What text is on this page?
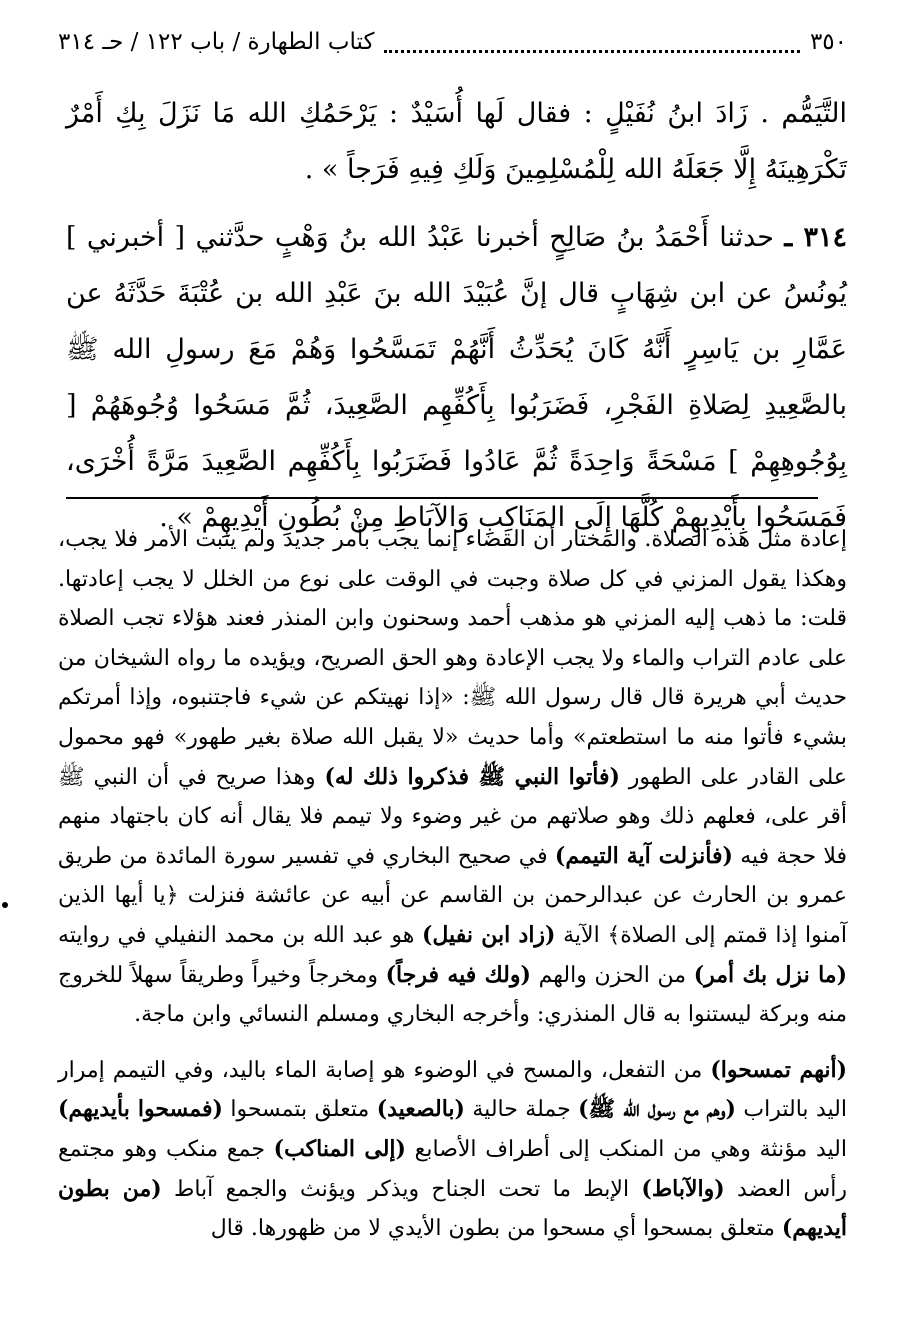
٣٥٠
كتاب الطهارة / باب ١٢٢ / حـ ٣١٤

التَّيَمُّم . زَادَ ابنُ نُفَيْلٍ : فقال لَها أُسَيْدٌ : يَرْحَمُكِ الله مَا نَزَلَ بِكِ أَمْرٌ تَكْرَهِينَهُ إِلَّا جَعَلَهُ الله لِلْمُسْلِمِينَ وَلَكِ فِيهِ فَرَجاً » .

٣١٤ ـ حدثنا أَحْمَدُ بنُ صَالِحٍ أخبرنا عَبْدُ الله بنُ وَهْبٍ حدَّثني [ أخبرني ] يُونُسُ عن ابن شِهَابٍ قال إنَّ عُبَيْدَ الله بنَ عَبْدِ الله بن عُتْبَةَ حَدَّثَهُ عن عَمَّارِ بن يَاسِرٍ أَنَّهُ كَانَ يُحَدِّثُ أَنَّهُمْ تَمَسَّحُوا وَهُمْ مَعَ رسولِ الله ﷺ بالصَّعِيدِ لِصَلاةِ الفَجْرِ، فَضَرَبُوا بِأَكُفِّهِم الصَّعِيدَ، ثُمَّ مَسَحُوا وُجُوهَهُمْ [ بِوُجُوهِهِمْ ] مَسْحَةً وَاحِدَةً ثُمَّ عَادُوا فَضَرَبُوا بِأَكُفِّهِم الصَّعِيدَ مَرَّةً أُخْرَى، فَمَسَحُوا بِأَيْدِيهِمْ كُلَّهَا إِلَى المَنَاكِبِ وَالآبَاطِ مِنْ بُطُونِ أَيْدِيهِمْ » .

إعادة مثل هذه الصلاة. والمختار أن القضاء إنما يجب بأمر جديد ولم يثبت الأمر فلا يجب، وهكذا يقول المزني في كل صلاة وجبت في الوقت على نوع من الخلل لا يجب إعادتها. قلت: ما ذهب إليه المزني هو مذهب أحمد وسحنون وابن المنذر فعند هؤلاء تجب الصلاة على عادم التراب والماء ولا يجب الإعادة وهو الحق الصريح، ويؤيده ما رواه الشيخان من حديث أبي هريرة قال قال رسول الله ﷺ: «إذا نهيتكم عن شيء فاجتنبوه، وإذا أمرتكم بشيء فأتوا منه ما استطعتم» وأما حديث «لا يقبل الله صلاة بغير طهور» فهو محمول على القادر على الطهور (فأتوا النبي ﷺ فذكروا ذلك له) وهذا صريح في أن النبي ﷺ أقر على، فعلهم ذلك وهو صلاتهم من غير وضوء ولا تيمم فلا يقال أنه كان باجتهاد منهم فلا حجة فيه (فأنزلت آية التيمم) في صحيح البخاري في تفسير سورة المائدة من طريق عمرو بن الحارث عن عبدالرحمن بن القاسم عن أبيه عن عائشة فنزلت ﴿يا أيها الذين آمنوا إذا قمتم إلى الصلاة﴾ الآية (زاد ابن نفيل) هو عبد الله بن محمد النفيلي في روايته (ما نزل بك أمر) من الحزن والهم (ولك فيه فرجاً) ومخرجاً وخيراً وطريقاً سهلاً للخروج منه وبركة ليستنوا به قال المنذري: وأخرجه البخاري ومسلم النسائي وابن ماجة.

(أنهم تمسحوا) من التفعل، والمسح في الوضوء هو إصابة الماء باليد، وفي التيمم إمرار اليد بالتراب (وهم مع رسول الله ﷺ) جملة حالية (بالصعيد) متعلق بتمسحوا (فمسحوا بأيديهم) اليد مؤنثة وهي من المنكب إلى أطراف الأصابع (إلى المناكب) جمع منكب وهو مجتمع رأس العضد (والآباط) الإبط ما تحت الجناح ويذكر ويؤنث والجمع آباط (من بطون أيديهم) متعلق بمسحوا أي مسحوا من بطون الأيدي لا من ظهورها. قال
